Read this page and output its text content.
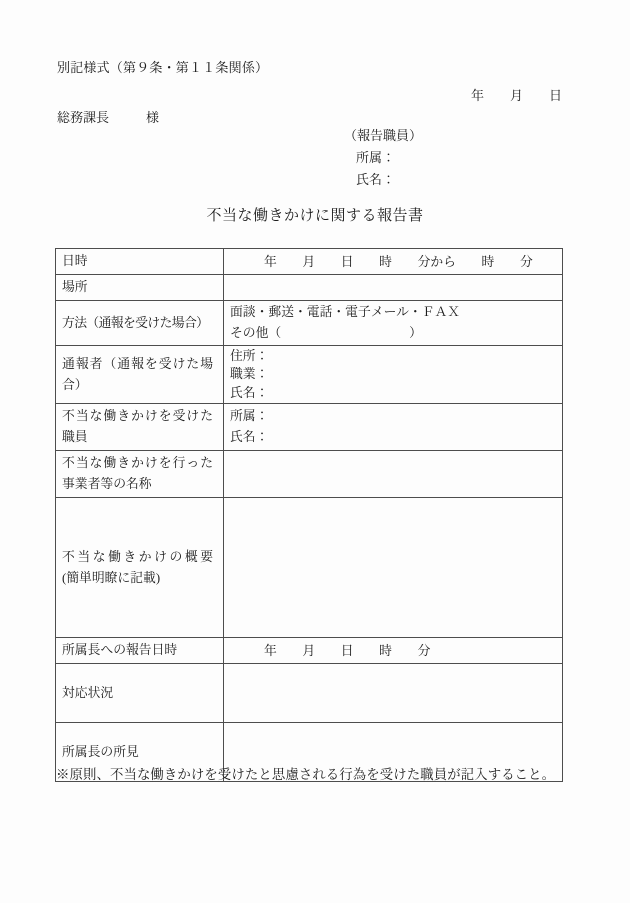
別記様式（第９条・第１１条関係）
年　　月　　日
総務課長	様
（報告職員）
所属：
氏名：
不当な働きかけに関する報告書
日時	年　　月　　日　　時　　分から　　時　　分
場所	
方法（通報を受けた場合）	面談・郵送・電話・電子メール・ＦＡＸ
その他（　　　　　　　　　　）

通報者（通報を受けた場合）	住所：
職業：
氏名：

不当な働きかけを受けた職員	所属：
氏名：

不当な働きかけを行った事業者等の名称	

不当な働きかけの概要
(簡単明瞭に記載)	

所属長への報告日時	年　　月　　日　　時　　分
対応状況	
所属長の所見	
※原則、不当な働きかけを受けたと思慮される行為を受けた職員が記入すること。
